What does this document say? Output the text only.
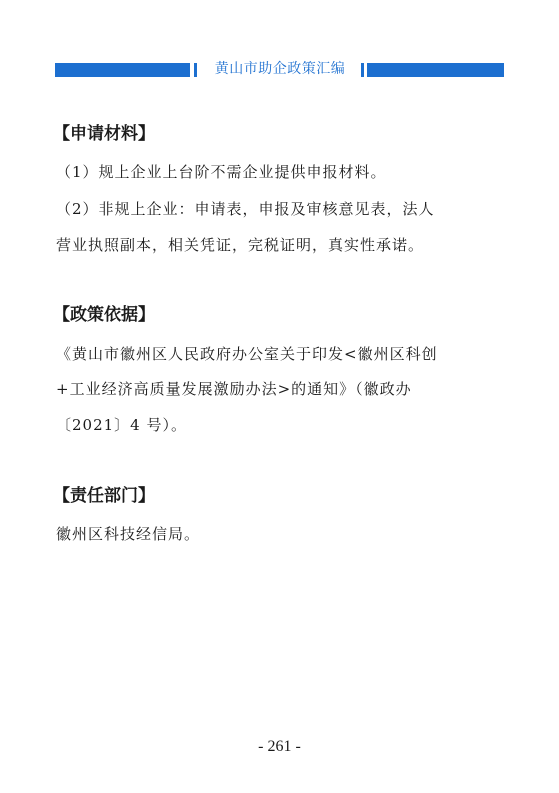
黄山市助企政策汇编
【申请材料】
（1）规上企业上台阶不需企业提供申报材料。
（2）非规上企业：申请表，申报及审核意见表，法人
营业执照副本，相关凭证，完税证明，真实性承诺。
【政策依据】
《黄山市徽州区人民政府办公室关于印发<徽州区科创
+工业经济高质量发展激励办法>的通知》（徽政办
〔2021〕4 号）。
【责任部门】
徽州区科技经信局。
- 261 -
